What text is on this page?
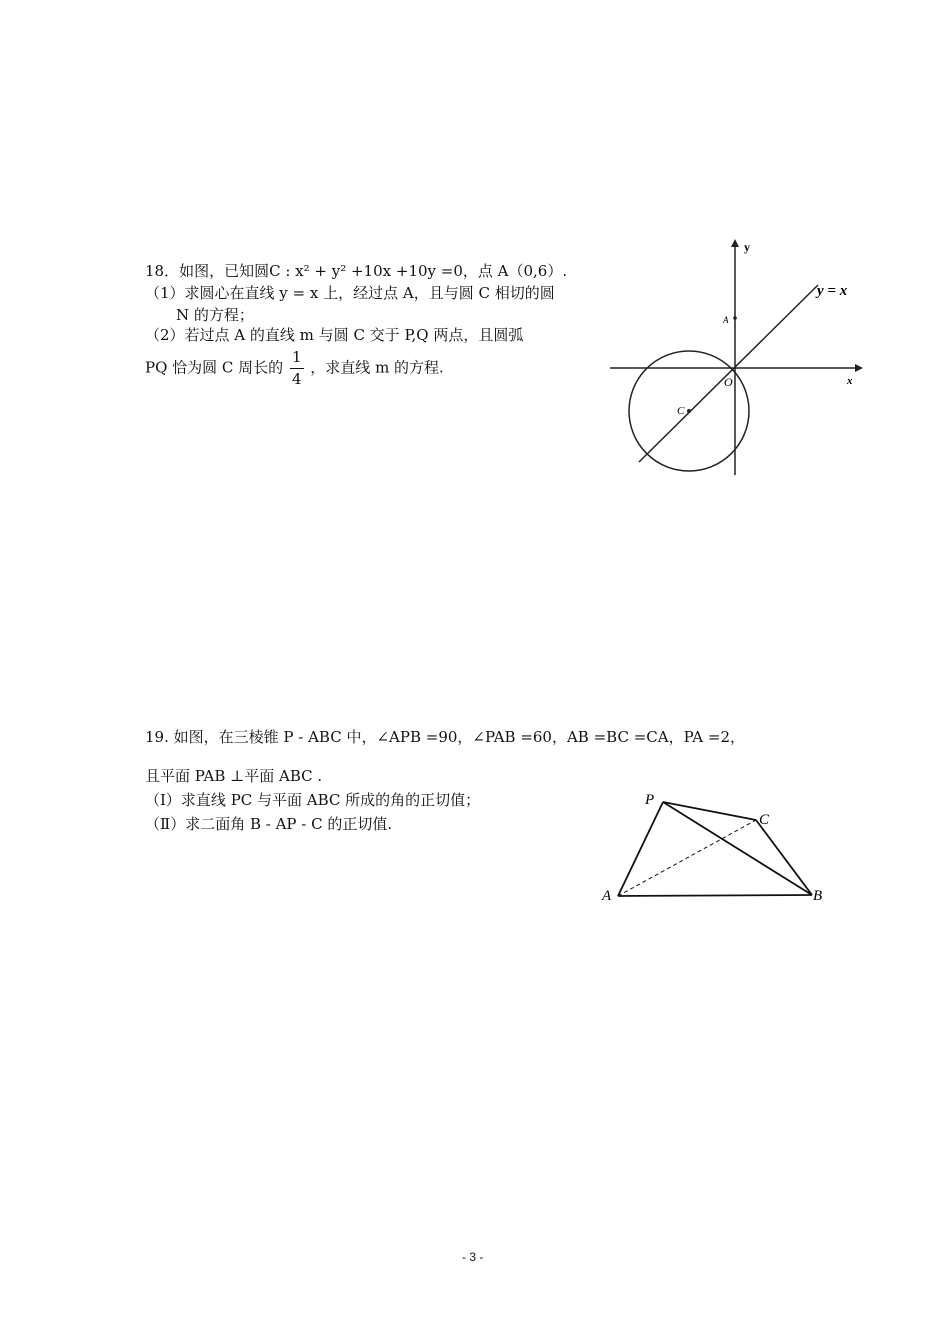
18．如图，已知圆C : x² + y² +10x +10y =0，点 A（0,6）.
（1）求圆心在直线 y = x 上，经过点 A，且与圆 C 相切的圆
N 的方程；
（2）若过点 A 的直线 m 与圆 C 交于 P,Q 两点，且圆弧
PQ 恰为圆 C 周长的 $\frac{1}{4}$ ，求直线 m 的方程.
y
x
y = x
A
O
C
19. 如图，在三棱锥 P - ABC 中，∠APB =90，∠PAB =60，AB =BC =CA，PA =2，
且平面 PAB ⊥平面 ABC .
（Ⅰ）求直线 PC 与平面 ABC 所成的角的正切值；
（Ⅱ）求二面角 B - AP - C 的正切值.
P
A	B
C
- 3 -
